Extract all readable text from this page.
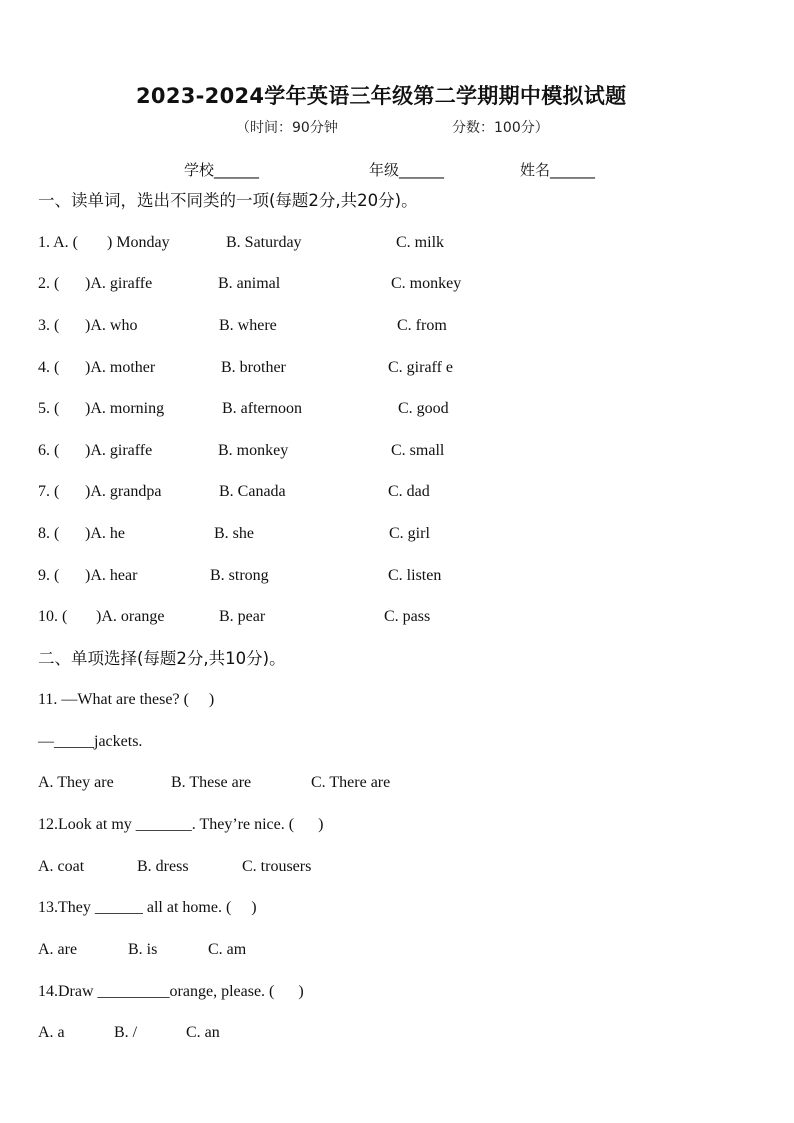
2023-2024学年英语三年级第二学期期中模拟试题
（时间：90分钟	分数：100分）
学校______	年级______	姓名______
一、读单词，选出不同类的一项(每题2分,共20分)。
1. A. ( ) Monday	B. Saturday	C. milk
2. ( )A. giraffe	B. animal	C. monkey
3. ( )A. who	B. where	C. from
4. ( )A. mother	B. brother	C. giraff e
5. ( )A. morning	B. afternoon	C. good
6. ( )A. giraffe	B. monkey	C. small
7. ( )A. grandpa	B. Canada	C. dad
8. ( )A. he	B. she	C. girl
9. ( )A. hear	B. strong	C. listen
10. ( )A. orange	B. pear	C. pass
二、单项选择(每题2分,共10分)。
11. —What are these? (     )
—_____jackets.
A. They are	B. These are	C. There are
12.Look at my _______. They’re nice. (      )
A. coat	B. dress	C. trousers
13.They ______ all at home. (     )
A. are	B. is	C. am
14.Draw _________orange, please. (      )
A. a	B. /	C. an
